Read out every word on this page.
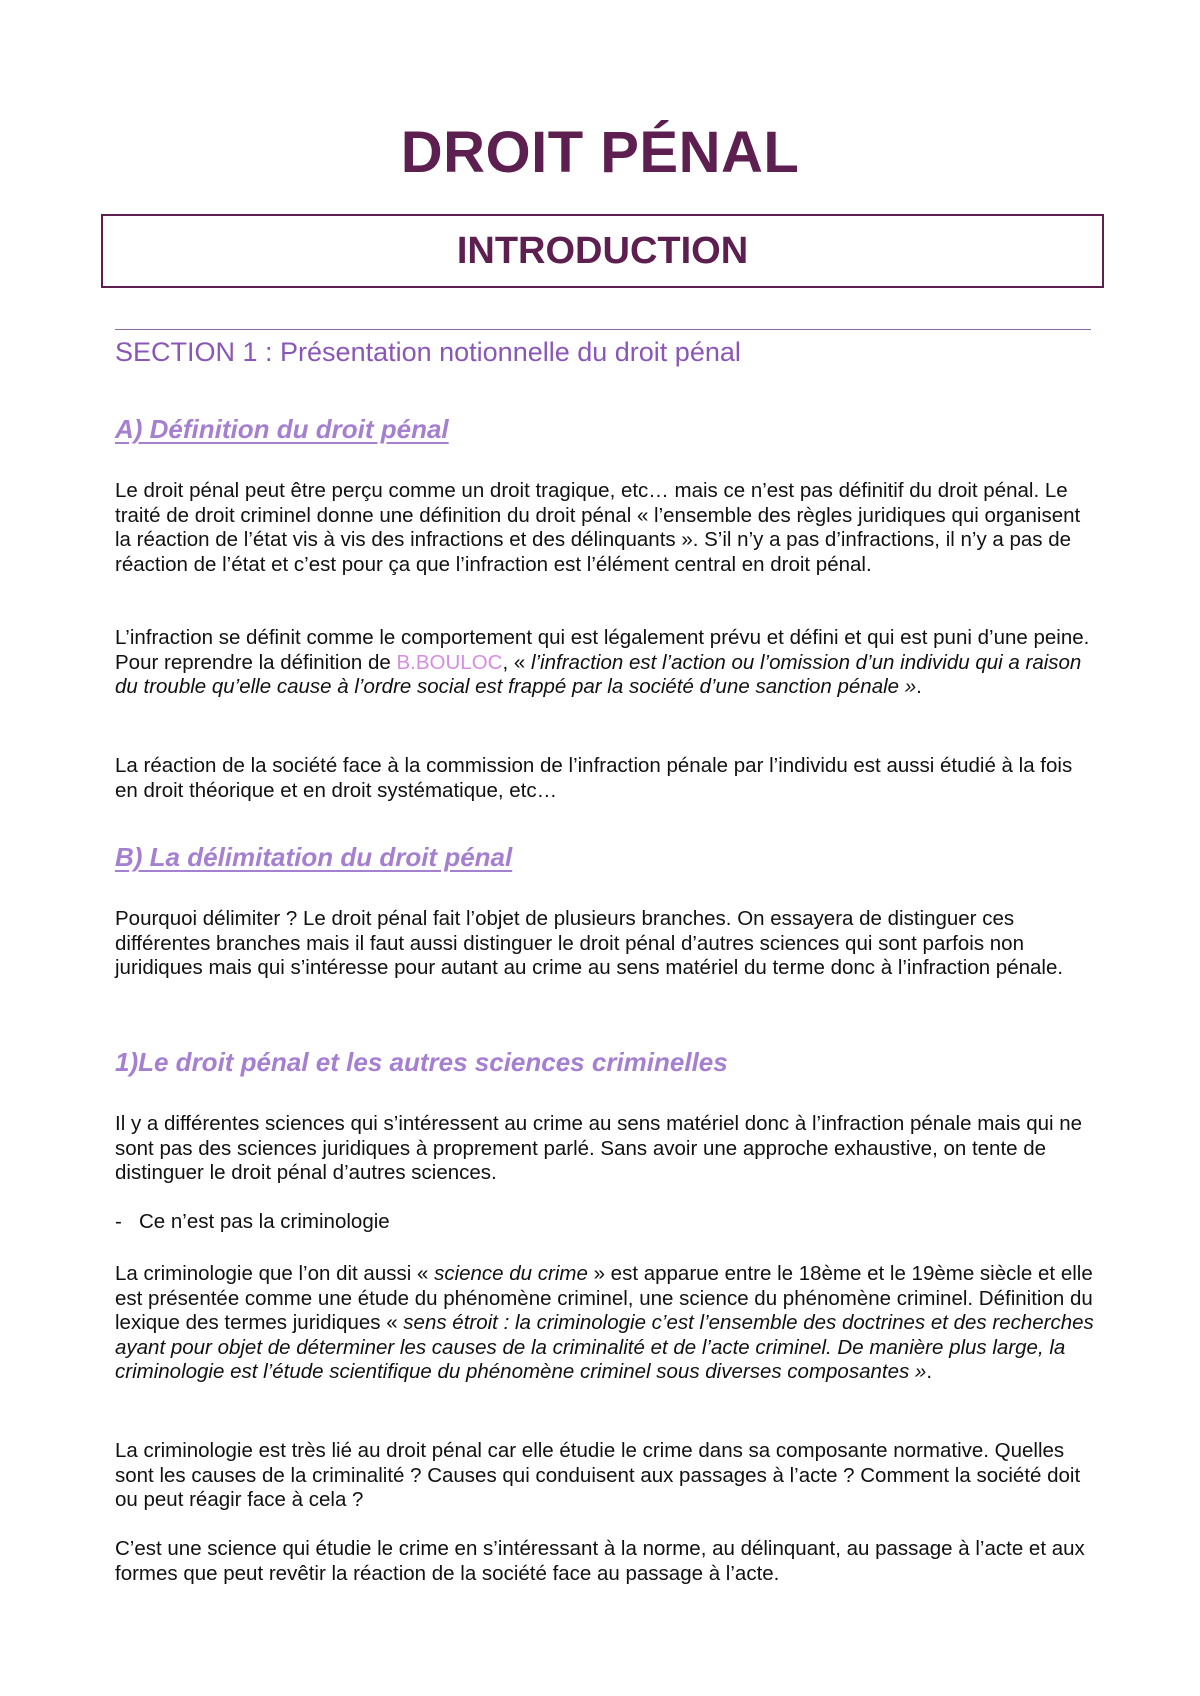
DROIT PÉNAL
INTRODUCTION
SECTION 1 : Présentation notionnelle du droit pénal
A) Définition du droit pénal
Le droit pénal peut être perçu comme un droit tragique, etc… mais ce n’est pas définitif du droit pénal. Le traité de droit criminel donne une définition du droit pénal « l’ensemble des règles juridiques qui organisent la réaction de l’état vis à vis des infractions et des délinquants ». S’il n’y a pas d’infractions, il n’y a pas de réaction de l’état et c’est pour ça que l’infraction est l’élément central en droit pénal.
L’infraction se définit comme le comportement qui est légalement prévu et défini et qui est puni d’une peine. Pour reprendre la définition de B.BOULOC, « l’infraction est l’action ou l’omission d’un individu qui a raison du trouble qu’elle cause à l’ordre social est frappé par la société d’une sanction pénale ».
La réaction de la société face à la commission de l’infraction pénale par l’individu est aussi étudié à la fois en droit théorique et en droit systématique, etc…
B) La délimitation du droit pénal
Pourquoi délimiter ? Le droit pénal fait l’objet de plusieurs branches. On essayera de distinguer ces différentes branches mais il faut aussi distinguer le droit pénal d’autres sciences qui sont parfois non juridiques mais qui s’intéresse pour autant au crime au sens matériel du terme donc à l’infraction pénale.
1)Le droit pénal et les autres sciences criminelles
Il y a différentes sciences qui s’intéressent au crime au sens matériel donc à l’infraction pénale mais qui ne sont pas des sciences juridiques à proprement parlé. Sans avoir une approche exhaustive, on tente de distinguer le droit pénal d’autres sciences.
- Ce n’est pas la criminologie
La criminologie que l’on dit aussi « science du crime » est apparue entre le 18ème et le 19ème siècle et elle est présentée comme une étude du phénomène criminel, une science du phénomène criminel. Définition du lexique des termes juridiques « sens étroit : la criminologie c’est l’ensemble des doctrines et des recherches ayant pour objet de déterminer les causes de la criminalité et de l’acte criminel. De manière plus large, la criminologie est l’étude scientifique du phénomène criminel sous diverses composantes ».
La criminologie est très lié au droit pénal car elle étudie le crime dans sa composante normative. Quelles sont les causes de la criminalité ? Causes qui conduisent aux passages à l’acte ? Comment la société doit ou peut réagir face à cela ?
C’est une science qui étudie le crime en s’intéressant à la norme, au délinquant, au passage à l’acte et aux formes que peut revêtir la réaction de la société face au passage à l’acte.
